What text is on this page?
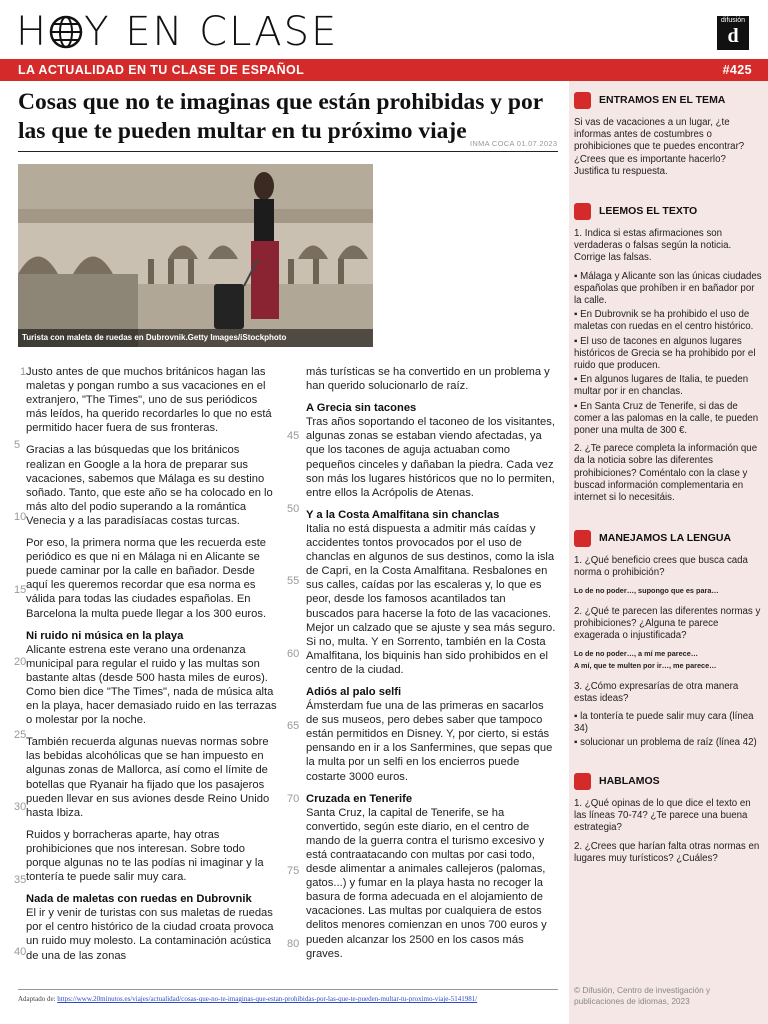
H Y EN CLASE	difusión
d
LA ACTUALIDAD EN TU CLASE DE ESPAÑOL	#425
Cosas que no te imaginas que están prohibidas y por las que te pueden multar en tu próximo viaje INMA COCA 01.07.2023
Turista con maleta de ruedas en Dubrovnik.Getty Images/iStockphoto

Justo antes de que muchos británicos hagan las maletas y pongan rumbo a sus vacaciones en el extranjero, "The Times", uno de sus periódicos más leídos, ha querido recordarles lo que no está permitido hacer fuera de sus fronteras.

Gracias a las búsquedas que los británicos realizan en Google a la hora de preparar sus vacaciones, sabemos que Málaga es su destino soñado. Tanto, que este año se ha colocado en lo más alto del podio superando a la romántica Venecia y a las paradisíacas costas turcas.

Por eso, la primera norma que les recuerda este periódico es que ni en Málaga ni en Alicante se puede caminar por la calle en bañador. Desde aquí les queremos recordar que esa norma es válida para todas las ciudades españolas. En Barcelona la multa puede llegar a los 300 euros.

Ni ruido ni música en la playa

Alicante estrena este verano una ordenanza municipal para regular el ruido y las multas son bastante altas (desde 500 hasta miles de euros). Como bien dice "The Times", nada de música alta en la playa, hacer demasiado ruido en las terrazas o molestar por la noche.

También recuerda algunas nuevas normas sobre las bebidas alcohólicas que se han impuesto en algunas zonas de Mallorca, así como el límite de botellas que Ryanair ha fijado que los pasajeros pueden llevar en sus aviones desde Reino Unido hasta Ibiza.

Ruidos y borracheras aparte, hay otras prohibiciones que nos interesan. Sobre todo porque algunas no te las podías ni imaginar y la tontería te puede salir muy cara.

Nada de maletas con ruedas en Dubrovnik

El ir y venir de turistas con sus maletas de ruedas por el centro histórico de la ciudad croata provoca un ruido muy molesto. La contaminación acústica de una de las zonas

más turísticas se ha convertido en un problema y han querido solucionarlo de raíz.

A Grecia sin tacones

Tras años soportando el taconeo de los visitantes, algunas zonas se estaban viendo afectadas, ya que los tacones de aguja actuaban como pequeños cinceles y dañaban la piedra. Cada vez son más los lugares históricos que no lo permiten, entre ellos la Acrópolis de Atenas.

Y a la Costa Amalfitana sin chanclas

Italia no está dispuesta a admitir más caídas y accidentes tontos provocados por el uso de chanclas en algunos de sus destinos, como la isla de Capri, en la Costa Amalfitana. Resbalones en sus calles, caídas por las escaleras y, lo que es peor, desde los famosos acantilados tan buscados para hacerse la foto de las vacaciones. Mejor un calzado que se ajuste y sea más seguro. Si no, multa. Y en Sorrento, también en la Costa Amalfitana, los biquinis han sido prohibidos en el centro de la ciudad.

Adiós al palo selfi

Ámsterdam fue una de las primeras en sacarlos de sus museos, pero debes saber que tampoco están permitidos en Disney. Y, por cierto, si estás pensando en ir a los Sanfermines, que sepas que la multa por un selfi en los encierros puede costarte 3000 euros.

Cruzada en Tenerife

Santa Cruz, la capital de Tenerife, se ha convertido, según este diario, en el centro de mando de la guerra contra el turismo excesivo y está contraatacando con multas por casi todo, desde alimentar a animales callejeros (palomas, gatos...) y fumar en la playa hasta no recoger la basura de forma adecuada en el alojamiento de vacaciones. Las multas por cualquiera de estos delitos menores comienzan en unos 700 euros y pueden alcanzar los 2500 en los casos más graves.

1
5
10
15
20
25
30
35
40
45
50
55
60
65
70
75
80
Adaptado de: https://www.20minutos.es/viajes/actualidad/cosas-que-no-te-imaginas-que-estan-prohibidas-por-las-que-te-pueden-multar-tu-proximo-viaje-5141981/
ENTRAMOS EN EL TEMA

Si vas de vacaciones a un lugar, ¿te informas antes de costumbres o prohibiciones que te puedes encontrar? ¿Crees que es importante hacerlo? Justifica tu respuesta.

LEEMOS EL TEXTO

1. Indica si estas afirmaciones son verdaderas o falsas según la noticia. Corrige las falsas.

▪ Málaga y Alicante son las únicas ciudades españolas que prohíben ir en bañador por la calle.
▪ En Dubrovnik se ha prohibido el uso de maletas con ruedas en el centro histórico.
▪ El uso de tacones en algunos lugares históricos de Grecia se ha prohibido por el ruido que producen.
▪ En algunos lugares de Italia, te pueden multar por ir en chanclas.
▪ En Santa Cruz de Tenerife, si das de comer a las palomas en la calle, te pueden poner una multa de 300 €.

2. ¿Te parece completa la información que da la noticia sobre las diferentes prohibiciones? Coméntalo con la clase y buscad información complementaria en internet si lo necesitáis.

MANEJAMOS LA LENGUA

1. ¿Qué beneficio crees que busca cada norma o prohibición?

Lo de no poder…, supongo que es para…

2. ¿Qué te parecen las diferentes normas y prohibiciones? ¿Alguna te parece exagerada o injustificada?

Lo de no poder…, a mí me parece…

A mí, que te multen por ir…, me parece…

3. ¿Cómo expresarías de otra manera estas ideas?

▪ la tontería te puede salir muy cara (línea 34)
▪ solucionar un problema de raíz (línea 42)
HABLAMOS

1. ¿Qué opinas de lo que dice el texto en las líneas 70-74? ¿Te parece una buena estrategia?

2. ¿Crees que harían falta otras normas en lugares muy turísticos? ¿Cuáles?

© Difusión, Centro de investigación y publicaciones de idiomas, 2023
